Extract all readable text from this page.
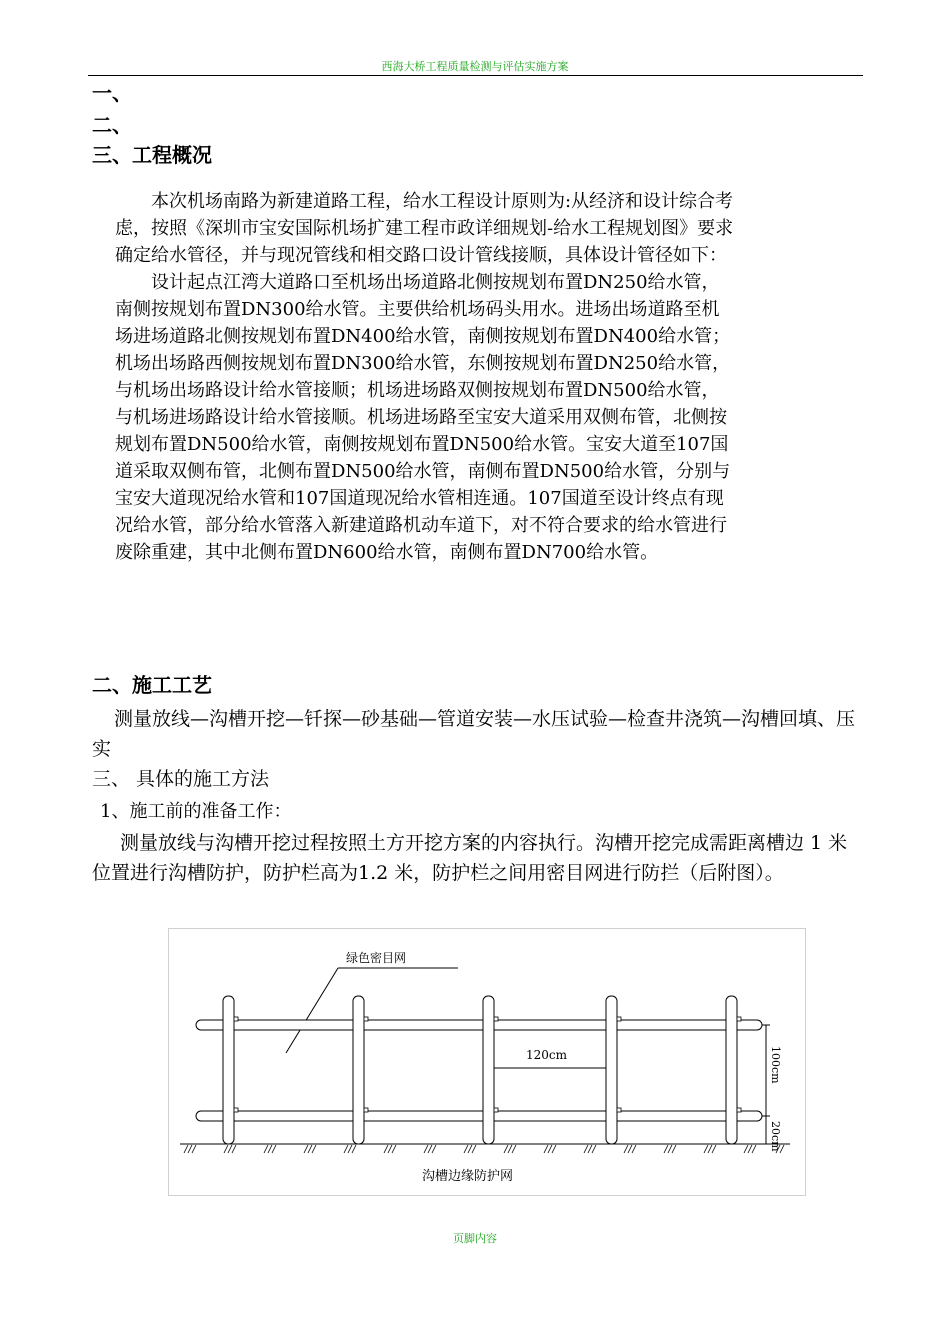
西海大桥工程质量检测与评估实施方案
一、
二、
三、工程概况

本次机场南路为新建道路工程，给水工程设计原则为:从经济和设计综合考虑，按照《深圳市宝安国际机场扩建工程市政详细规划-给水工程规划图》要求确定给水管径，并与现况管线和相交路口设计管线接顺，具体设计管径如下：

设计起点江湾大道路口至机场出场道路北侧按规划布置DN250给水管，南侧按规划布置DN300给水管。主要供给机场码头用水。进场出场道路至机场进场道路北侧按规划布置DN400给水管，南侧按规划布置DN400给水管；机场出场路西侧按规划布置DN300给水管，东侧按规划布置DN250给水管，与机场出场路设计给水管接顺；机场进场路双侧按规划布置DN500给水管，与机场进场路设计给水管接顺。机场进场路至宝安大道采用双侧布管，北侧按规划布置DN500给水管，南侧按规划布置DN500给水管。宝安大道至107国道采取双侧布管，北侧布置DN500给水管，南侧布置DN500给水管，分别与宝安大道现况给水管和107国道现况给水管相连通。107国道至设计终点有现况给水管，部分给水管落入新建道路机动车道下，对不符合要求的给水管进行废除重建，其中北侧布置DN600给水管，南侧布置DN700给水管。

二、施工工艺

测量放线—沟槽开挖—钎探—砂基础—管道安装—水压试验—检查井浇筑—沟槽回填、压实

三、 具体的施工方法
1、施工前的准备工作：

测量放线与沟槽开挖过程按照土方开挖方案的内容执行。沟槽开挖完成需距离槽边 1 米位置进行沟槽防护，防护栏高为1.2 米，防护栏之间用密目网进行防拦（后附图）。

绿色密目网
120cm	100cm
20cm
沟槽边缘防护网
页脚内容
